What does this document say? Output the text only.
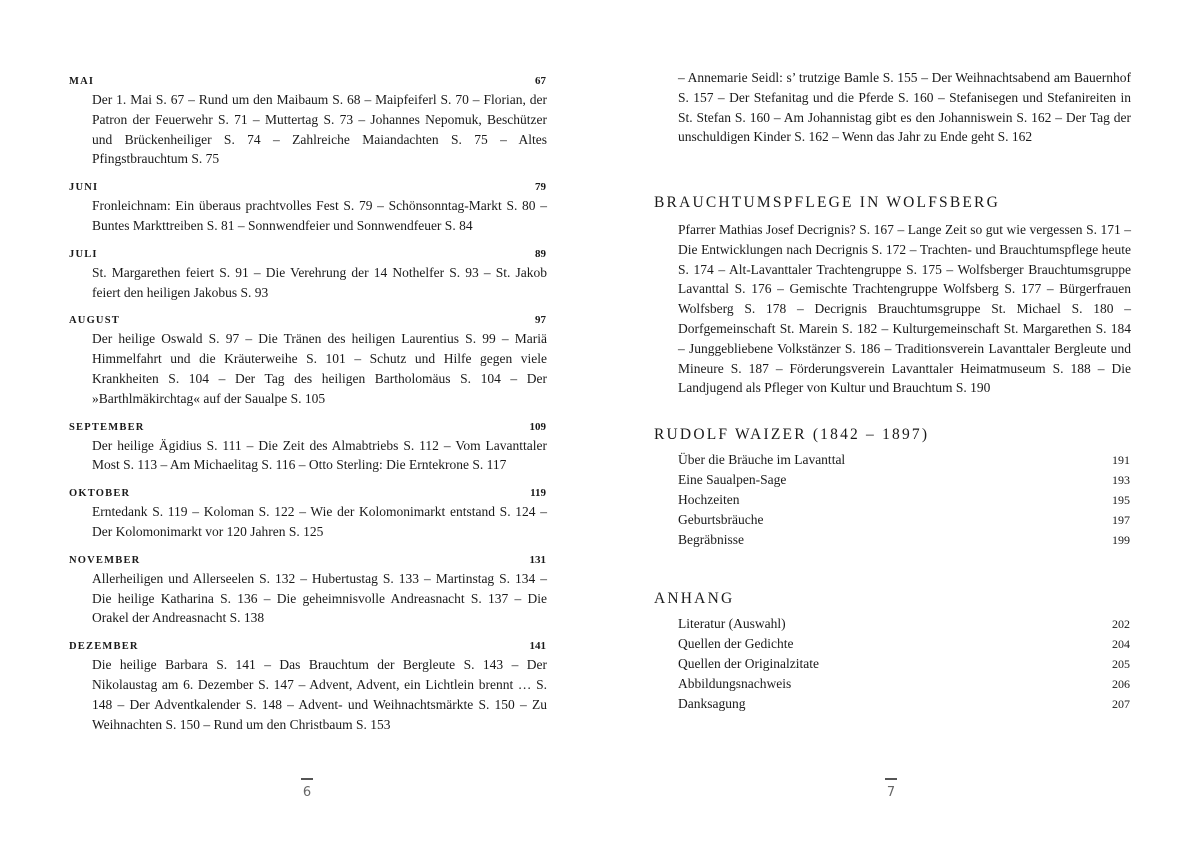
MAI	67
Der 1. Mai S. 67 – Rund um den Maibaum S. 68 – Maipfeiferl S. 70 – Florian, der Patron der Feuerwehr S. 71 – Muttertag S. 73 – Johannes Nepomuk, Beschützer und Brückenheiliger S. 74 – Zahlreiche Maiandachten S. 75 – Altes Pfingstbrauchtum S. 75
JUNI	79
Fronleichnam: Ein überaus prachtvolles Fest S. 79 – Schönsonntag-Markt S. 80 – Buntes Markttreiben S. 81 – Sonnwendfeier und Sonnwendfeuer S. 84
JULI	89
St. Margarethen feiert S. 91 – Die Verehrung der 14 Nothelfer S. 93 – St. Jakob feiert den heiligen Jakobus S. 93
AUGUST	97
Der heilige Oswald S. 97 – Die Tränen des heiligen Laurentius S. 99 – Mariä Himmelfahrt und die Kräuterweihe S. 101 – Schutz und Hilfe gegen viele Krankheiten S. 104 – Der Tag des heiligen Bartholomäus S. 104 – Der »Barthlmäkirchtag« auf der Saualpe S. 105
SEPTEMBER	109
Der heilige Ägidius S. 111 – Die Zeit des Almabtriebs S. 112 – Vom Lavanttaler Most S. 113 – Am Michaelitag S. 116 – Otto Sterling: Die Erntekrone S. 117
OKTOBER	119
Erntedank S. 119 – Koloman S. 122 – Wie der Kolomonimarkt entstand S. 124 – Der Kolomonimarkt vor 120 Jahren S. 125
NOVEMBER	131
Allerheiligen und Allerseelen S. 132 – Hubertustag S. 133 – Martinstag S. 134 – Die heilige Katharina S. 136 – Die geheimnisvolle Andreasnacht S. 137 – Die Orakel der Andreasnacht S. 138
DEZEMBER	141
Die heilige Barbara S. 141 – Das Brauchtum der Bergleute S. 143 – Der Nikolaustag am 6. Dezember S. 147 – Advent, Advent, ein Lichtlein brennt … S. 148 – Der Adventkalender S. 148 – Advent- und Weihnachtsmärkte S. 150 – Zu Weihnachten S. 150 – Rund um den Christbaum S. 153
6
– Annemarie Seidl: s’ trutzige Bamle S. 155 – Der Weihnachtsabend am Bauernhof S. 157 – Der Stefanitag und die Pferde S. 160 – Stefanisegen und Stefanireiten in St. Stefan S. 160 – Am Johannistag gibt es den Johanniswein S. 162 – Der Tag der unschuldigen Kinder S. 162 – Wenn das Jahr zu Ende geht S. 162
BRAUCHTUMSPFLEGE IN WOLFSBERG
Pfarrer Mathias Josef Decrignis? S. 167 – Lange Zeit so gut wie vergessen S. 171 – Die Entwicklungen nach Decrignis S. 172 – Trachten- und Brauchtumspflege heute S. 174 – Alt-Lavanttaler Trachtengruppe S. 175 – Wolfsberger Brauchtumsgruppe Lavanttal S. 176 – Gemischte Trachtengruppe Wolfsberg S. 177 – Bürgerfrauen Wolfsberg S. 178 – Decrignis Brauchtumsgruppe St. Michael S. 180 – Dorfgemeinschaft St. Marein S. 182 – Kulturgemeinschaft St. Margarethen S. 184 – Junggebliebene Volkstänzer S. 186 – Traditionsverein Lavanttaler Bergleute und Mineure S. 187 – Förderungsverein Lavanttaler Heimatmuseum S. 188 – Die Landjugend als Pfleger von Kultur und Brauchtum S. 190
RUDOLF WAIZER (1842 – 1897)
Über die Bräuche im Lavanttal	191
Eine Saualpen-Sage	193
Hochzeiten	195
Geburtsbräuche	197
Begräbnisse	199
ANHANG
Literatur (Auswahl)	202
Quellen der Gedichte	204
Quellen der Originalzitate	205
Abbildungsnachweis	206
Danksagung	207
7
